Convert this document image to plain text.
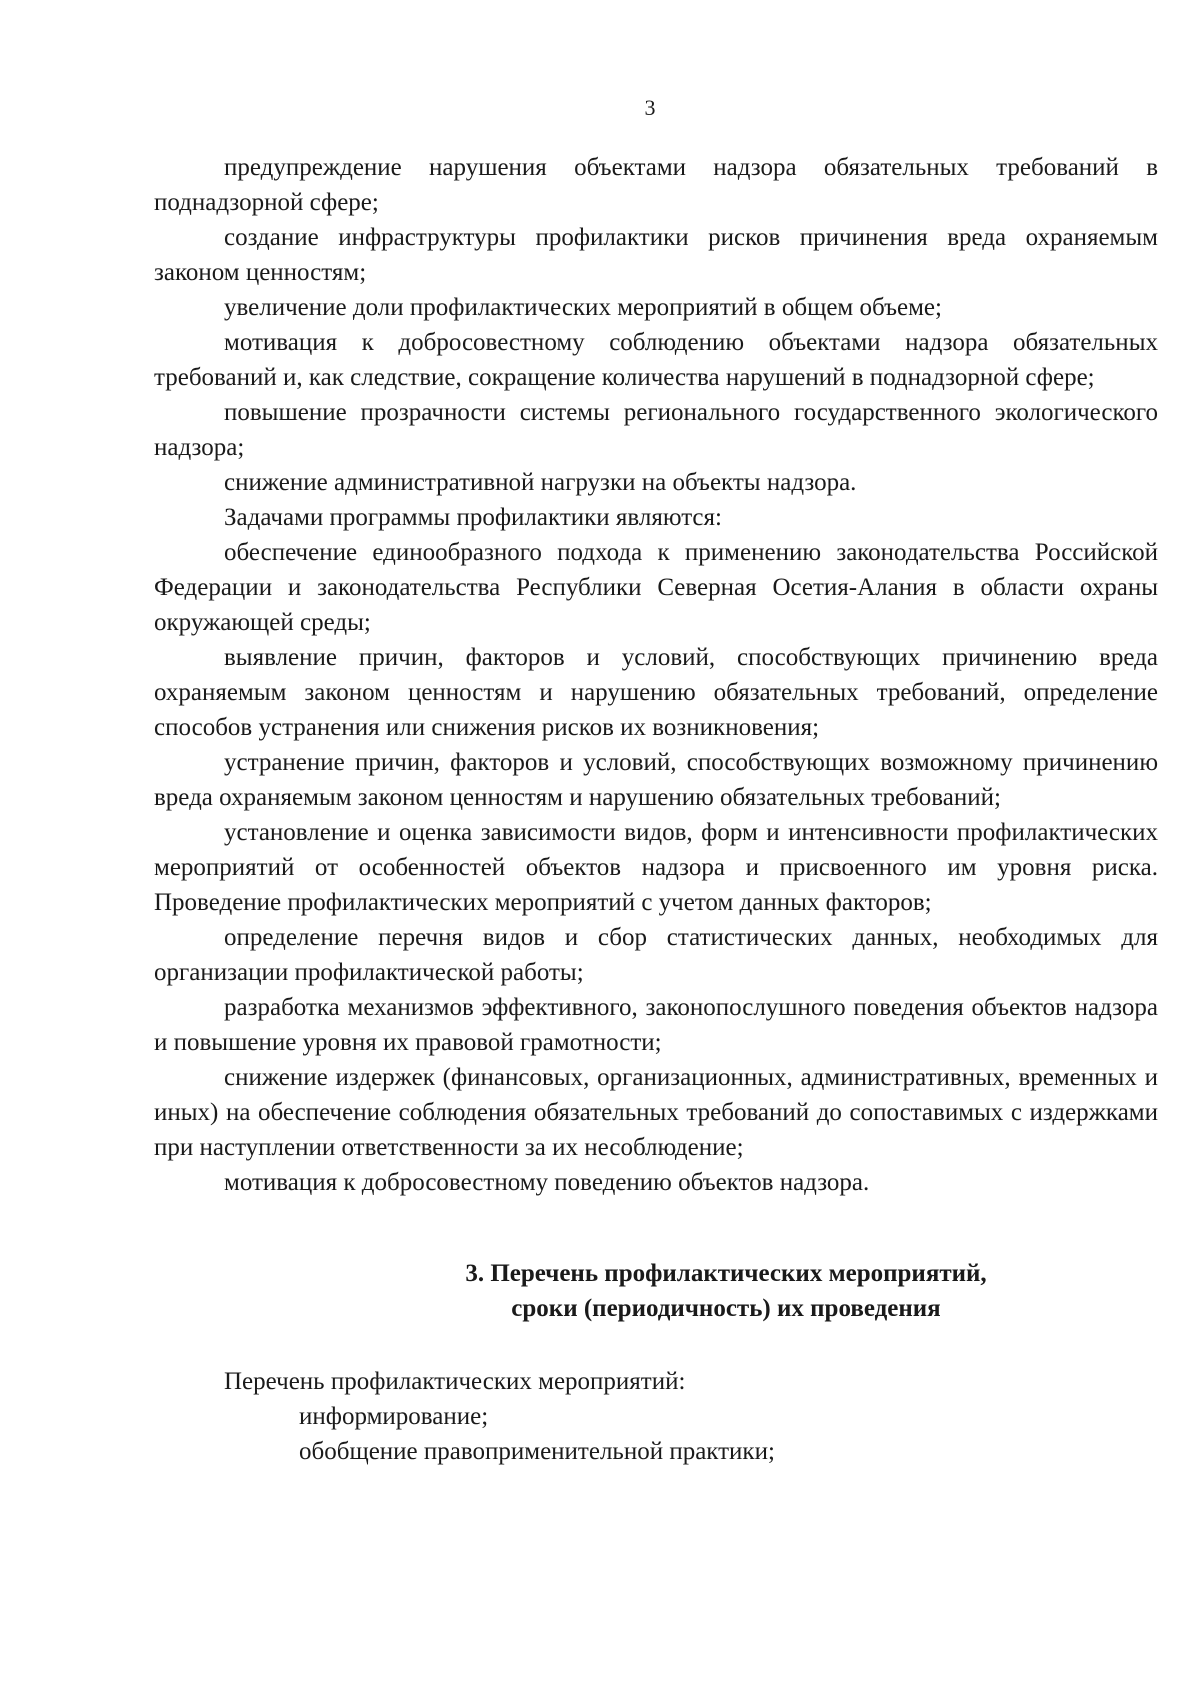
3

предупреждение нарушения объектами надзора обязательных требований в поднадзорной сфере;

создание инфраструктуры профилактики рисков причинения вреда охраняемым законом ценностям;

увеличение доли профилактических мероприятий в общем объеме;

мотивация к добросовестному соблюдению объектами надзора обязательных требований и, как следствие, сокращение количества нарушений в поднадзорной сфере;

повышение прозрачности системы регионального государственного экологического надзора;

снижение административной нагрузки на объекты надзора.

Задачами программы профилактики являются:

обеспечение единообразного подхода к применению законодательства Российской Федерации и законодательства Республики Северная Осетия-Алания в области охраны окружающей среды;

выявление причин, факторов и условий, способствующих причинению вреда охраняемым законом ценностям и нарушению обязательных требований, определение способов устранения или снижения рисков их возникновения;

устранение причин, факторов и условий, способствующих возможному причинению вреда охраняемым законом ценностям и нарушению обязательных требований;

установление и оценка зависимости видов, форм и интенсивности профилактических мероприятий от особенностей объектов надзора и присвоенного им уровня риска. Проведение профилактических мероприятий с учетом данных факторов;

определение перечня видов и сбор статистических данных, необходимых для организации профилактической работы;

разработка механизмов эффективного, законопослушного поведения объектов надзора и повышение уровня их правовой грамотности;

снижение издержек (финансовых, организационных, административных, временных и иных) на обеспечение соблюдения обязательных требований до сопоставимых с издержками при наступлении ответственности за их несоблюдение;

мотивация к добросовестному поведению объектов надзора.

3. Перечень профилактических мероприятий,
сроки (периодичность) их проведения

Перечень профилактических мероприятий:

информирование;
обобщение правоприменительной практики;
